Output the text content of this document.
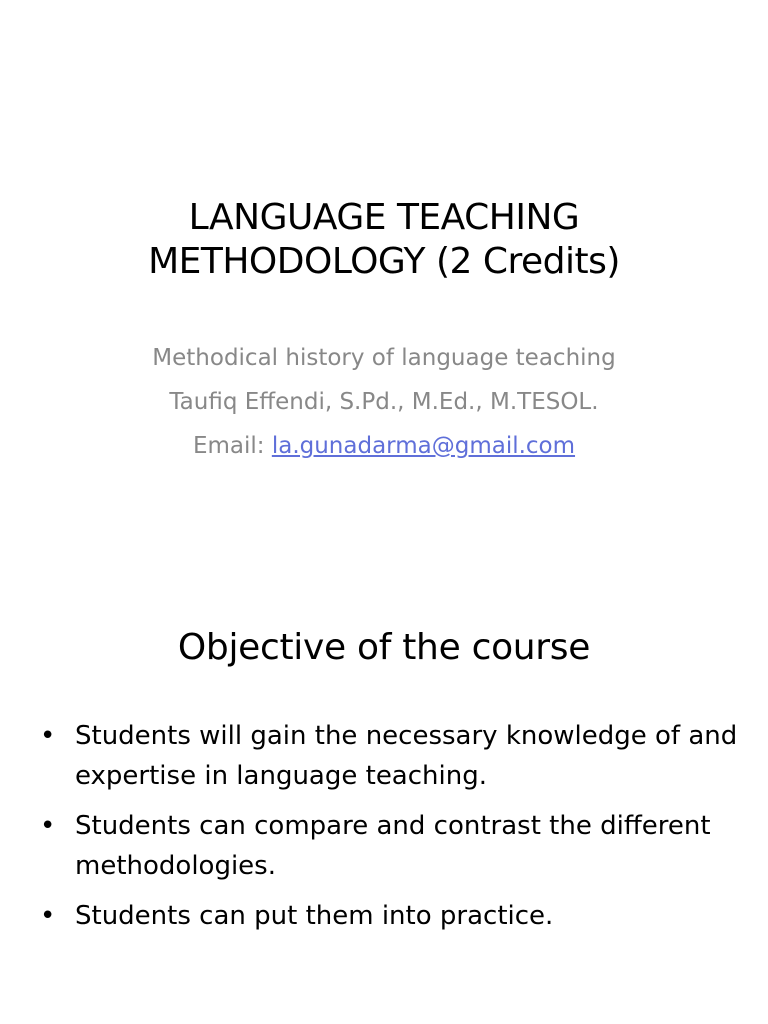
LANGUAGE TEACHING
METHODOLOGY (2 Credits)
Methodical history of language teaching
Taufiq Effendi, S.Pd., M.Ed., M.TESOL.
Email: la.gunadarma@gmail.com
Objective of the course
• Students will gain the necessary knowledge of and expertise in language teaching.
• Students can compare and contrast the different methodologies.
• Students can put them into practice.
